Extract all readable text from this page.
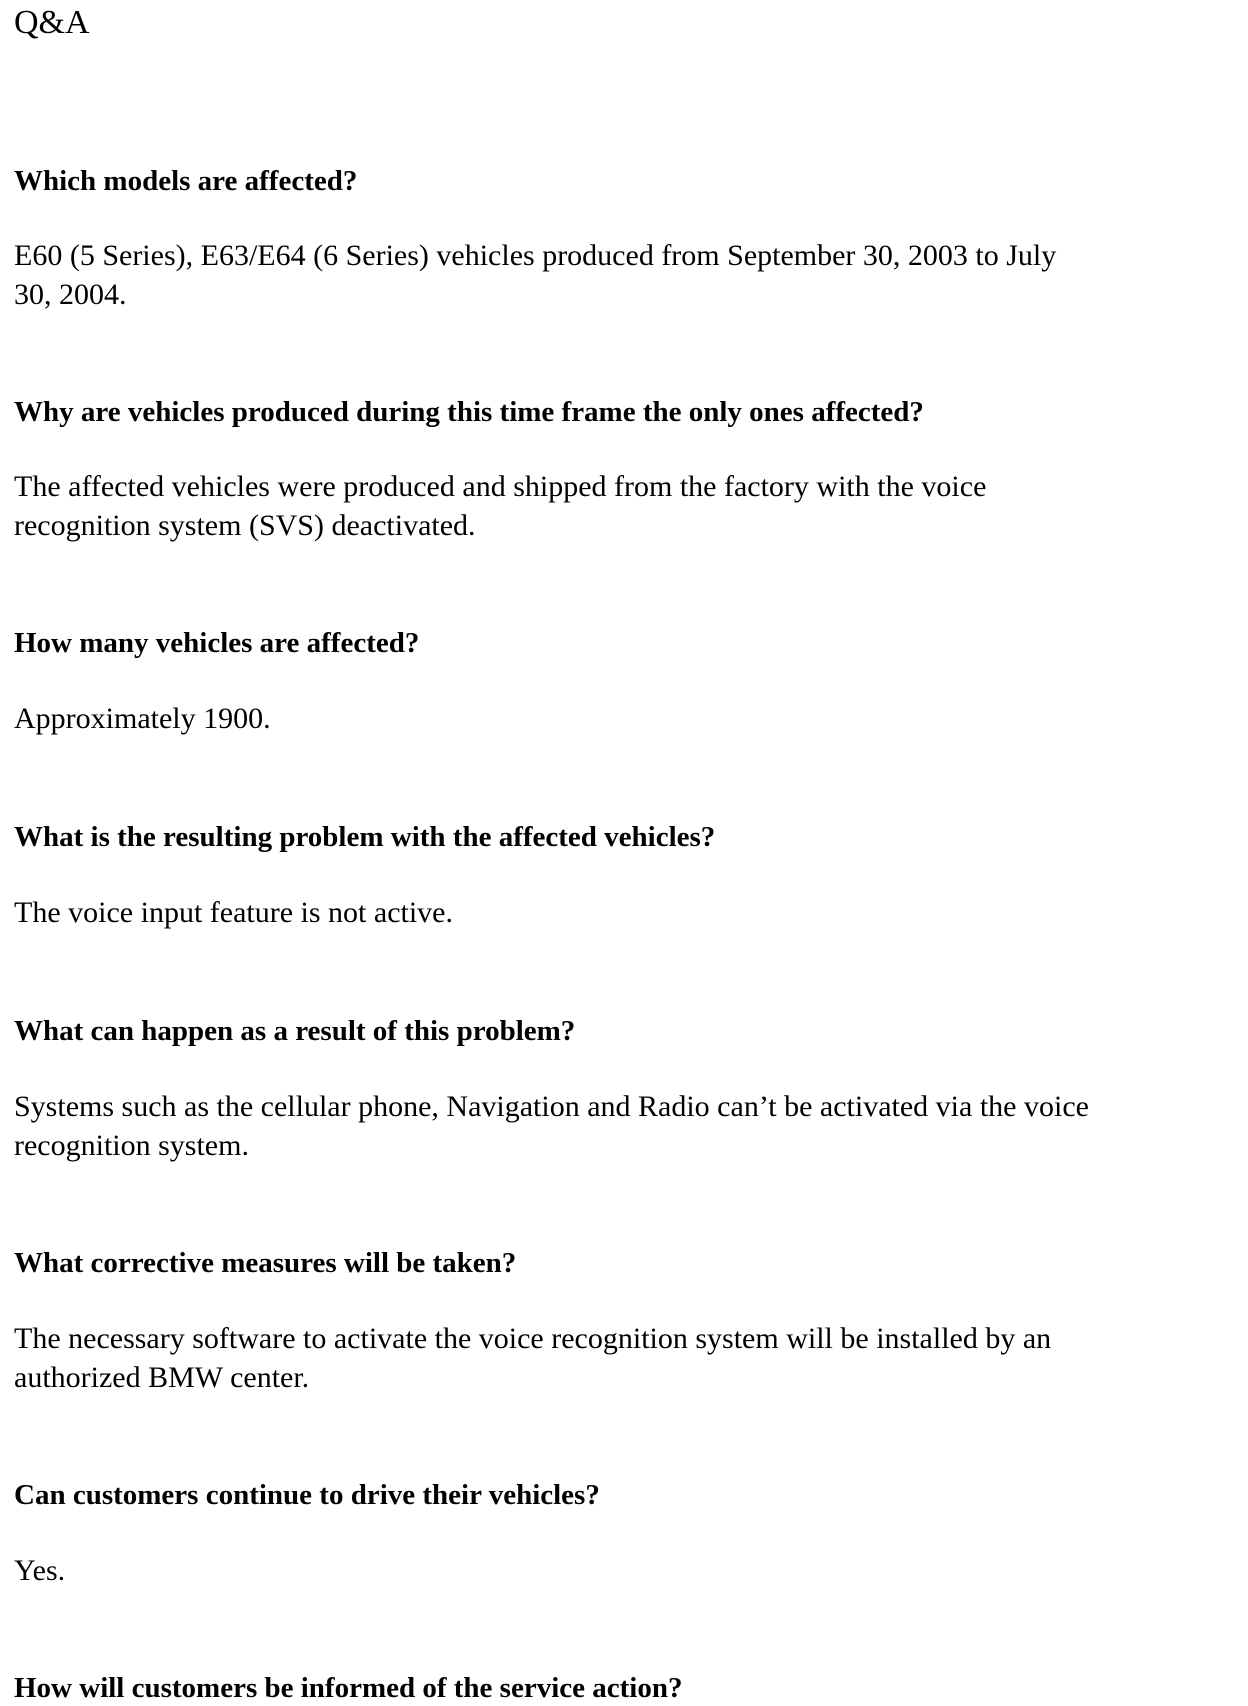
Q&A

Which models are affected?

E60 (5 Series), E63/E64 (6 Series) vehicles produced from September 30, 2003 to July
30, 2004.

Why are vehicles produced during this time frame the only ones affected?

The affected vehicles were produced and shipped from the factory with the voice
recognition system (SVS) deactivated.

How many vehicles are affected?

Approximately 1900.

What is the resulting problem with the affected vehicles?

The voice input feature is not active.

What can happen as a result of this problem?

Systems such as the cellular phone, Navigation and Radio can’t be activated via the voice
recognition system.

What corrective measures will be taken?

The necessary software to activate the voice recognition system will be installed by an
authorized BMW center.

Can customers continue to drive their vehicles?

Yes.

How will customers be informed of the service action?
